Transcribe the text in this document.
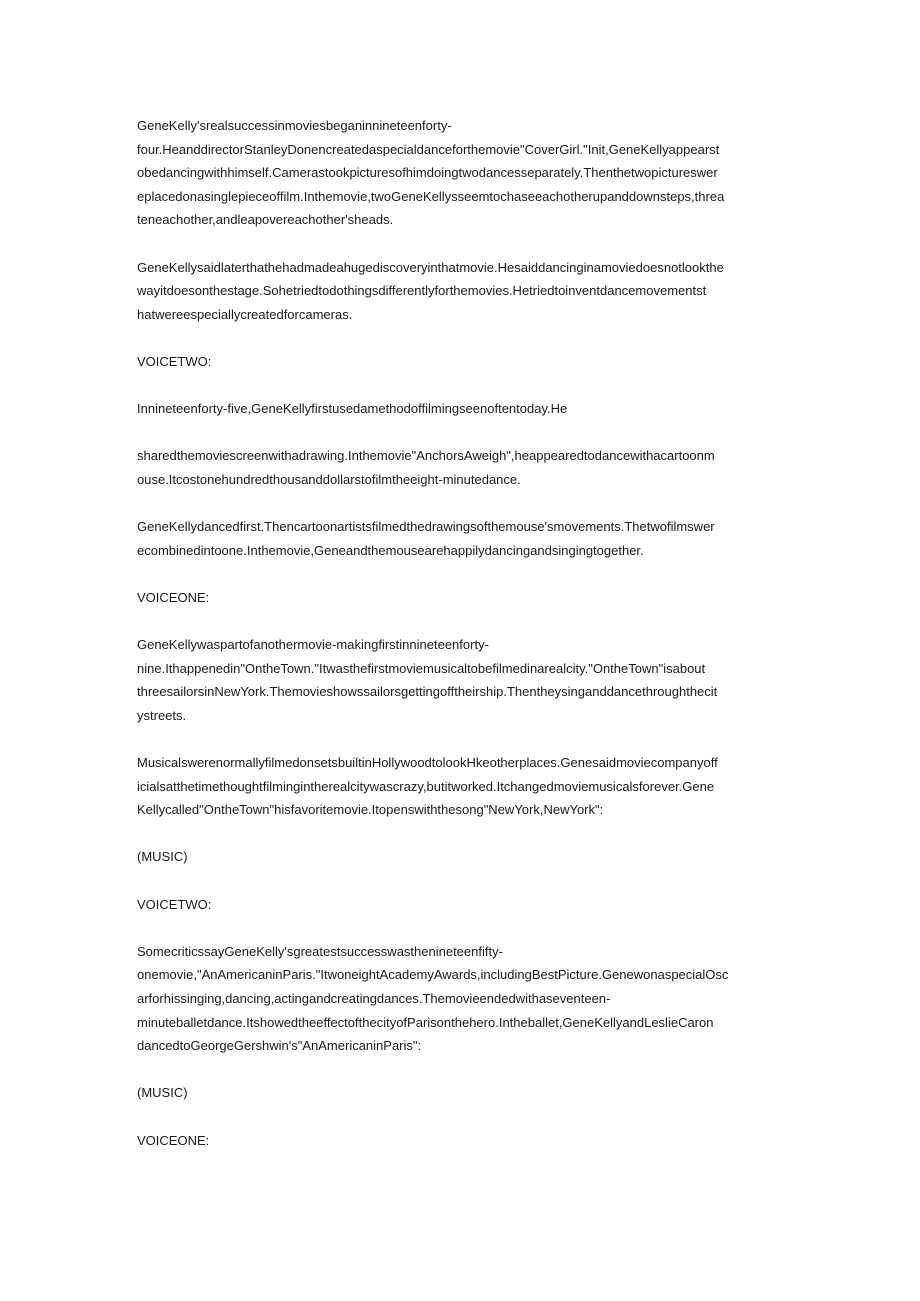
GeneKelly'srealsuccessinmoviesbeganinnineteenforty-
four.HeanddirectorStanleyDonencreatedaspecialdanceforthemovie"CoverGirl."Init,GeneKellyappearst
obedancingwithhimself.Camerastookpicturesofhimdoingtwodancesseparately.Thenthetwopictureswer
eplacedonasinglepieceoffilm.Inthemovie,twoGeneKellysseemtochaseeachotherupanddownsteps,threa
teneachother,andleapovereachother'sheads.
GeneKellysaidlaterthathehadmadeahugediscoveryinthatmovie.Hesaiddancinginamoviedoesnotlookthe
wayitdoesonthestage.Sohetriedtodothingsdifferentlyforthemovies.Hetriedtoinventdancemovementst
hatwereespeciallycreatedforcameras.
VOICETWO:
Innineteenforty-five,GeneKellyfirstusedamethodoffilmingseenoftentoday.He
sharedthemoviescreenwithadrawing.Inthemovie"AnchorsAweigh",heappearedtodancewithacartoonm
ouse.Itcostonehundredthousanddollarstofilmtheeight-minutedance.
GeneKellydancedfirst.Thencartoonartistsfilmedthedrawingsofthemouse'smovements.Thetwofilmswer
ecombinedintoone.Inthemovie,Geneandthemousearehappilydancingandsingingtogether.
VOICEONE:
GeneKellywaspartofanothermovie-makingfirstinnineteenforty-
nine.Ithappenedin"OntheTown."Itwasthefirstmoviemusicaltobefilmedinarealcity."OntheTown"isabout
threesailorsinNewYork.Themovieshowssailorsgettingofftheirship.Thentheysinganddancethroughthecit
ystreets.
MusicalswerenormallyfilmedonsetsbuiltinHollywoodtolookHkeotherplaces.Genesaidmoviecompanyoff
icialsatthetimethoughtfilmingintherealcitywascrazy,butitworked.Itchangedmoviemusicalsforever.Gene
Kellycalled"OntheTown"hisfavoritemovie.Itopenswiththesong"NewYork,NewYork":
(MUSIC)
VOICETWO:
SomecriticssayGeneKelly'sgreatestsuccesswasthenineteenfifty-
onemovie,"AnAmericaninParis."ItwoneightAcademyAwards,includingBestPicture.GenewonaspecialOsc
arforhissinging,dancing,actingandcreatingdances.Themovieendedwithaseventeen-
minuteballetdance.ItshowedtheeffectofthecityofParisonthehero.Intheballet,GeneKellyandLeslieCaron
dancedtoGeorgeGershwin's"AnAmericaninParis":
(MUSIC)
VOICEONE:
